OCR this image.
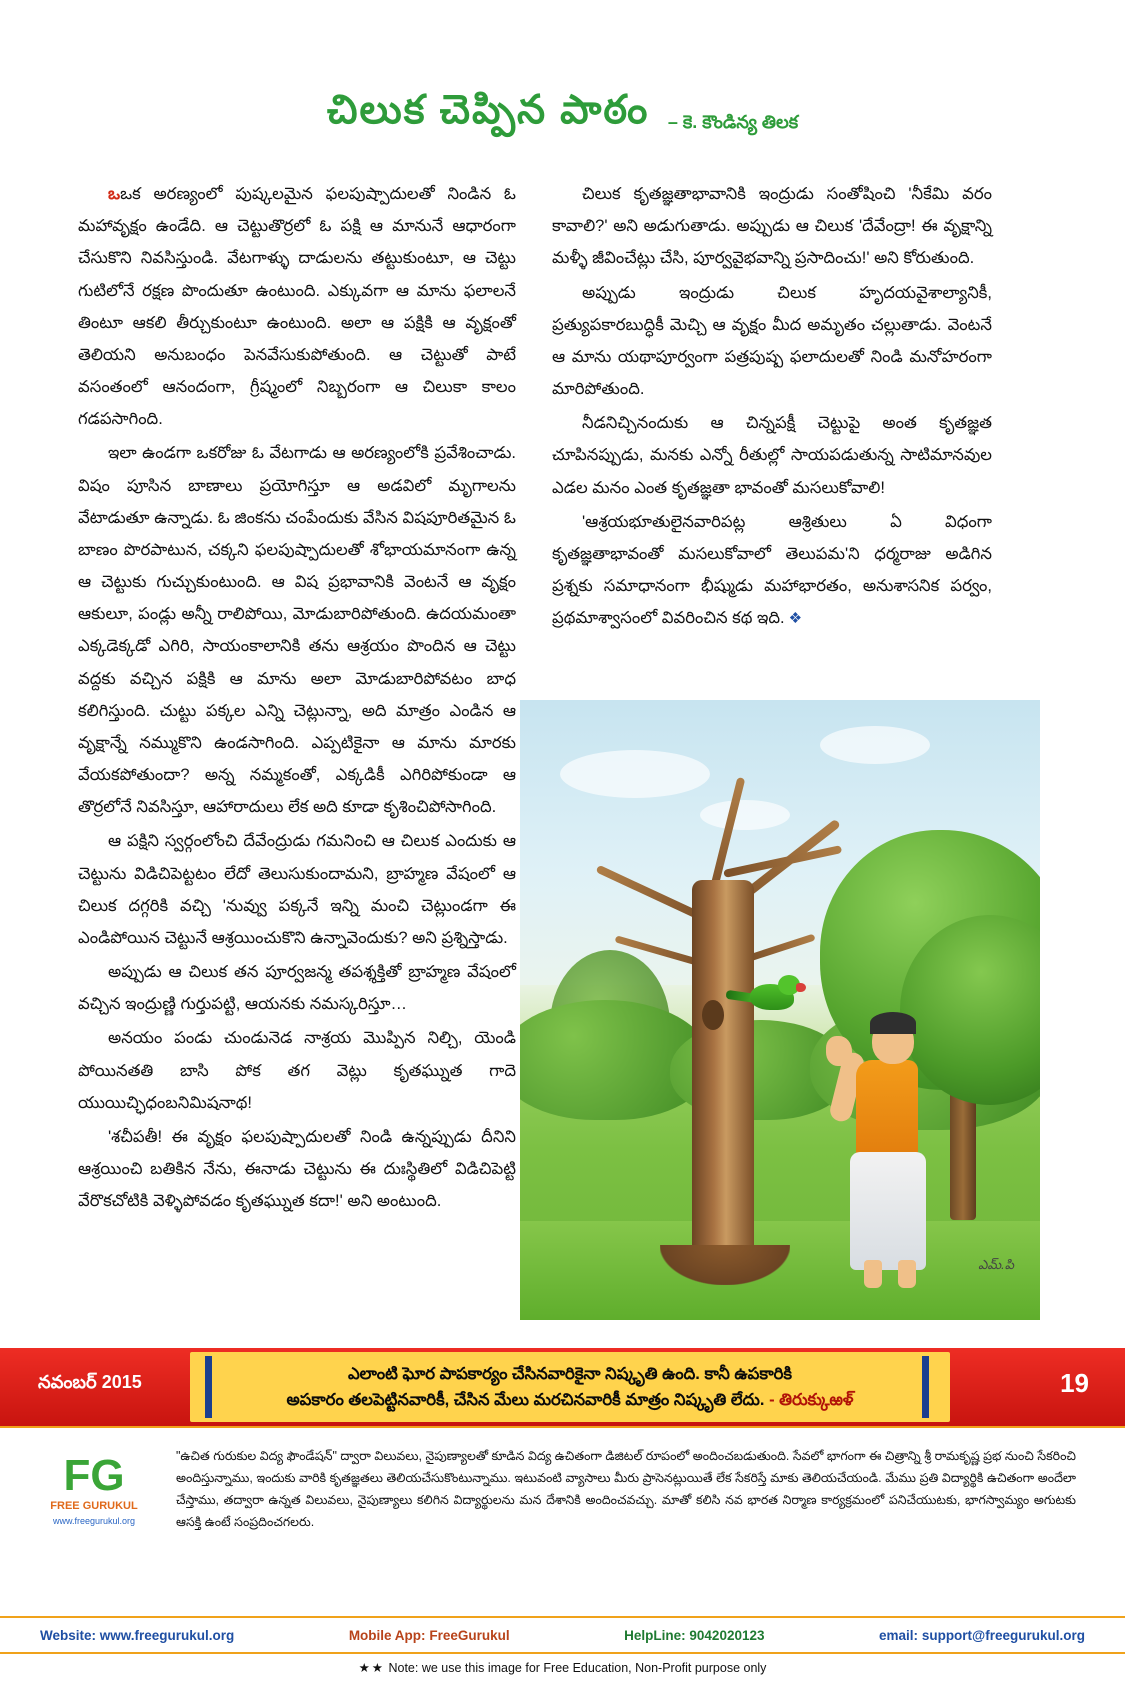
చిలుక చెప్పిన పాఠం – కె. కౌండిన్య తిలక

ఒఒక అరణ్యంలో పుష్కలమైన ఫలపుష్పాదులతో నిండిన ఓ మహావృక్షం ఉండేది. ఆ చెట్టుతొర్రలో ఓ పక్షి ఆ మానునే ఆధారంగా చేసుకొని నివసిస్తుండి. వేటగాళ్ళు దాడులను తట్టుకుంటూ, ఆ చెట్టు గుటిలోనే రక్షణ పొందుతూ ఉంటుంది. ఎక్కువగా ఆ మాను ఫలాలనే తింటూ ఆకలి తీర్చుకుంటూ ఉంటుంది. అలా ఆ పక్షికి ఆ వృక్షంతో తెలియని అనుబంధం పెనవేసుకుపోతుంది. ఆ చెట్టుతో పాటే వసంతంలో ఆనందంగా, గ్రీష్మంలో నిబ్బరంగా ఆ చిలుకా కాలం గడపసాగింది.

ఇలా ఉండగా ఒకరోజు ఓ వేటగాడు ఆ అరణ్యంలోకి ప్రవేశించాడు. విషం పూసిన బాణాలు ప్రయోగిస్తూ ఆ అడవిలో మృగాలను వేటాడుతూ ఉన్నాడు. ఓ జింకను చంపేందుకు వేసిన విషపూరితమైన ఓ బాణం పొరపాటున, చక్కని ఫలపుష్పాదులతో శోభాయమానంగా ఉన్న ఆ చెట్టుకు గుచ్చుకుంటుంది. ఆ విష ప్రభావానికి వెంటనే ఆ వృక్షం ఆకులూ, పండ్లు అన్నీ రాలిపోయి, మోడుబారిపోతుంది. ఉదయమంతా ఎక్కడెక్కడో ఎగిరి, సాయంకాలానికి తను ఆశ్రయం పొందిన ఆ చెట్టు వద్దకు వచ్చిన పక్షికి ఆ మాను అలా మోడుబారిపోవటం బాధ కలిగిస్తుంది. చుట్టు పక్కల ఎన్ని చెట్లున్నా, అది మాత్రం ఎండిన ఆ వృక్షాన్నే నమ్ముకొని ఉండసాగింది. ఎప్పటికైనా ఆ మాను మారకు వేయకపోతుందా? అన్న నమ్మకంతో, ఎక్కడికీ ఎగిరిపోకుండా ఆ తొర్రలోనే నివసిస్తూ, ఆహారాదులు లేక అది కూడా కృశించిపోసాగింది.

ఆ పక్షిని స్వర్గంలోంచి దేవేంద్రుడు గమనించి ఆ చిలుక ఎందుకు ఆ చెట్టును విడిచిపెట్టటం లేదో తెలుసుకుందామని, బ్రాహ్మణ వేషంలో ఆ చిలుక దగ్గరికి వచ్చి 'నువ్వు పక్కనే ఇన్ని మంచి చెట్లుండగా ఈ ఎండిపోయిన చెట్టునే ఆశ్రయించుకొని ఉన్నావెందుకు? అని ప్రశ్నిస్తాడు.

అప్పుడు ఆ చిలుక తన పూర్వజన్మ తపశ్శక్తితో బ్రాహ్మణ వేషంలో వచ్చిన ఇంద్రుణ్ణి గుర్తుపట్టి, ఆయనకు నమస్కరిస్తూ…

అనయం పండు చుండునెడ నాశ్రయ మొప్పిన నిల్చి, యెండి పోయినతతి బాసి పోక తగ వెట్లు కృతఘ్నుత గాదె యుయిచ్ఛిధంబనిమిషనాథ!

'శచీపతీ! ఈ వృక్షం ఫలపుష్పాదులతో నిండి ఉన్నప్పుడు దీనిని ఆశ్రయించి బతికిన నేను, ఈనాడు చెట్టును ఈ దుఃస్థితిలో విడిచిపెట్టి వేరొకచోటికి వెళ్ళిపోవడం కృతఘ్నుత కదా!' అని అంటుంది.

చిలుక కృతజ్ఞతాభావానికి ఇంద్రుడు సంతోషించి 'నీకేమి వరం కావాలి?' అని అడుగుతాడు. అప్పుడు ఆ చిలుక 'దేవేంద్రా! ఈ వృక్షాన్ని మళ్ళీ జీవించేట్లు చేసి, పూర్వవైభవాన్ని ప్రసాదించు!' అని కోరుతుంది.

అప్పుడు ఇంద్రుడు చిలుక హృదయవైశాల్యానికీ, ప్రత్యుపకారబుద్ధికీ మెచ్చి ఆ వృక్షం మీద అమృతం చల్లుతాడు. వెంటనే ఆ మాను యథాపూర్వంగా పత్రపుష్ప ఫలాదులతో నిండి మనోహరంగా మారిపోతుంది.

నీడనిచ్చినందుకు ఆ చిన్నపక్షీ చెట్టుపై అంత కృతజ్ఞత చూపినప్పుడు, మనకు ఎన్నో రీతుల్లో సాయపడుతున్న సాటిమానవుల ఎడల మనం ఎంత కృతజ్ఞతా భావంతో మసలుకోవాలి!

'ఆశ్రయభూతులైనవారిపట్ల ఆశ్రితులు ఏ విధంగా కృతజ్ఞతాభావంతో మసలుకోవాలో తెలుపమ'ని ధర్మరాజు అడిగిన ప్రశ్నకు సమాధానంగా భీష్ముడు మహాభారతం, అనుశాసనిక పర్వం, ప్రథమాశ్వాసంలో వివరించిన కథ ఇది. ❖

ఎమ్.పి
నవంబర్ 2015	ఎలాంటి ఘోర పాపకార్యం చేసినవారికైనా నిష్కృతి ఉంది. కానీ ఉపకారికి
అపకారం తలపెట్టినవారికీ, చేసిన మేలు మరచినవారికీ మాత్రం నిష్కృతి లేదు. - తిరుక్కుఱళ్
19
FG
FREE GURUKUL
www.freegurukul.org
"ఉచిత గురుకుల విద్య ఫౌండేషన్" ద్వారా విలువలు, నైపుణ్యాలతో కూడిన విద్య ఉచితంగా డిజిటల్ రూపంలో అందించబడుతుంది. సేవలో భాగంగా ఈ చిత్రాన్ని శ్రీ రామకృష్ణ ప్రభ నుంచి సేకరించి అందిస్తున్నాము, ఇందుకు వారికి కృతజ్ఞతలు తెలియచేసుకొంటున్నాము. ఇటువంటి వ్యాసాలు మీరు ప్రాసెనట్లుయితే లేక సేకరిస్తే మాకు తెలియచేయండి. మేము ప్రతి విద్యార్థికి ఉచితంగా అందేలా చేస్తాము, తద్వారా ఉన్నత విలువలు, నైపుణ్యాలు కలిగిన విద్యార్థులను మన దేశానికి అందించవచ్చు. మాతో కలిసి నవ భారత నిర్మాణ కార్యక్రమంలో పనిచేయుటకు, భాగస్వామ్యం అగుటకు ఆసక్తి ఉంటే సంప్రదించగలరు.
Website: www.freegurukul.org	Mobile App: FreeGurukul	HelpLine: 9042020123	email: support@freegurukul.org
★★ Note: we use this image for Free Education, Non-Profit purpose only
